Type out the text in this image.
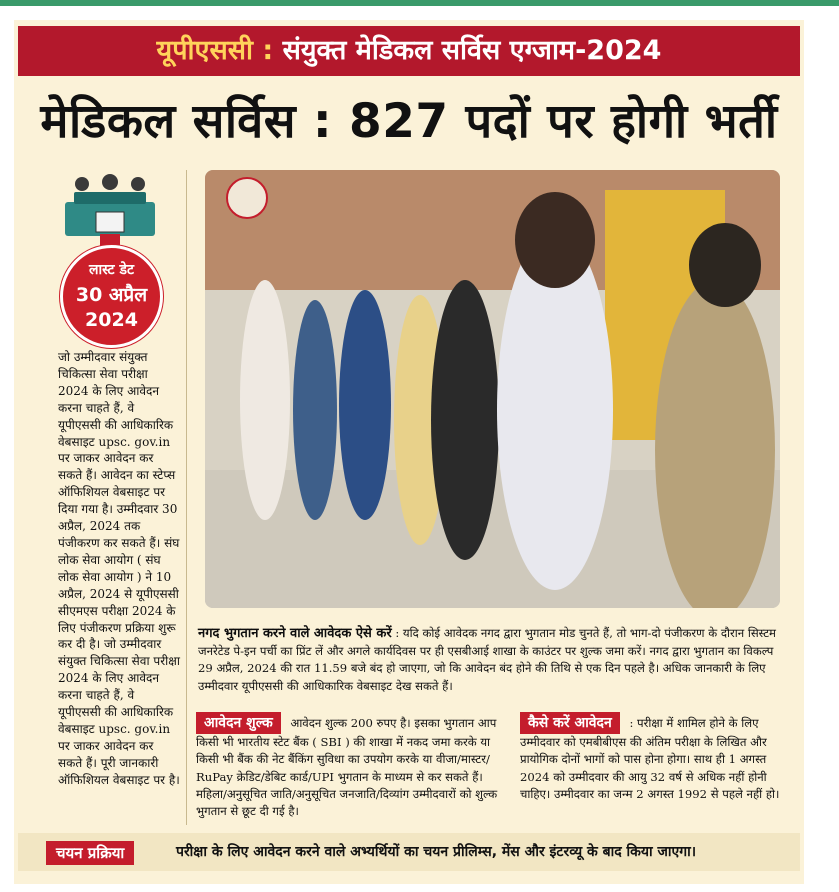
यूपीएससी : संयुक्त मेडिकल सर्विस एग्जाम-2024
मेडिकल सर्विस : 827 पदों पर होगी भर्ती
लास्ट डेट
30 अप्रैल
2024
जो उम्मीदवार संयुक्त चिकित्सा सेवा परीक्षा 2024 के लिए आवेदन करना चाहते हैं, वे यूपीएससी की आधिकारिक वेबसाइट upsc. gov.in पर जाकर आवेदन कर सकते हैं। आवेदन का स्टेप्स ऑफिशियल वेबसाइट पर दिया गया है। उम्मीदवार 30 अप्रैल, 2024 तक पंजीकरण कर सकते हैं। संघ लोक सेवा आयोग ( संघ लोक सेवा आयोग ) ने 10 अप्रैल, 2024 से यूपीएससी सीएमएस परीक्षा 2024 के लिए पंजीकरण प्रक्रिया शुरू कर दी है। जो उम्मीदवार संयुक्त चिकित्सा सेवा परीक्षा 2024 के लिए आवेदन करना चाहते हैं, वे यूपीएससी की आधिकारिक वेबसाइट upsc. gov.in पर जाकर आवेदन कर सकते हैं। पूरी जानकारी ऑफिशियल वेबसाइट पर है।
नगद भुगतान करने वाले आवेदक ऐसे करें : यदि कोई आवेदक नगद द्वारा भुगतान मोड चुनते हैं, तो भाग-दो पंजीकरण के दौरान सिस्टम जनरेटेड पे-इन पर्ची का प्रिंट लें और अगले कार्यदिवस पर ही एसबीआई शाखा के काउंटर पर शुल्क जमा करें। नगद द्वारा भुगतान का विकल्प 29 अप्रैल, 2024 की रात 11.59 बजे बंद हो जाएगा, जो कि आवेदन बंद होने की तिथि से एक दिन पहले है। अधिक जानकारी के लिए उम्मीदवार यूपीएससी की आधिकारिक वेबसाइट देख सकते हैं।
आवेदन शुल्क आवेदन शुल्क 200 रुपए है। इसका भुगतान आप किसी भी भारतीय स्टेट बैंक ( SBI ) की शाखा में नकद जमा करके या किसी भी बैंक की नेट बैंकिंग सुविधा का उपयोग करके या वीजा/मास्टर/ RuPay क्रेडिट/डेबिट कार्ड/UPI भुगतान के माध्यम से कर सकते हैं। महिला/अनुसूचित जाति/अनुसूचित जनजाति/दिव्यांग उम्मीदवारों को शुल्क भुगतान से छूट दी गई है।
कैसे करें आवेदन : परीक्षा में शामिल होने के लिए उम्मीदवार को एमबीबीएस की अंतिम परीक्षा के लिखित और प्रायोगिक दोनों भागों को पास होना होगा। साथ ही 1 अगस्त 2024 को उम्मीदवार की आयु 32 वर्ष से अधिक नहीं होनी चाहिए। उम्मीदवार का जन्म 2 अगस्त 1992 से पहले नहीं हो।
चयन प्रक्रिया	परीक्षा के लिए आवेदन करने वाले अभ्यर्थियों का चयन प्रीलिम्स, मेंस और इंटरव्यू के बाद किया जाएगा।
